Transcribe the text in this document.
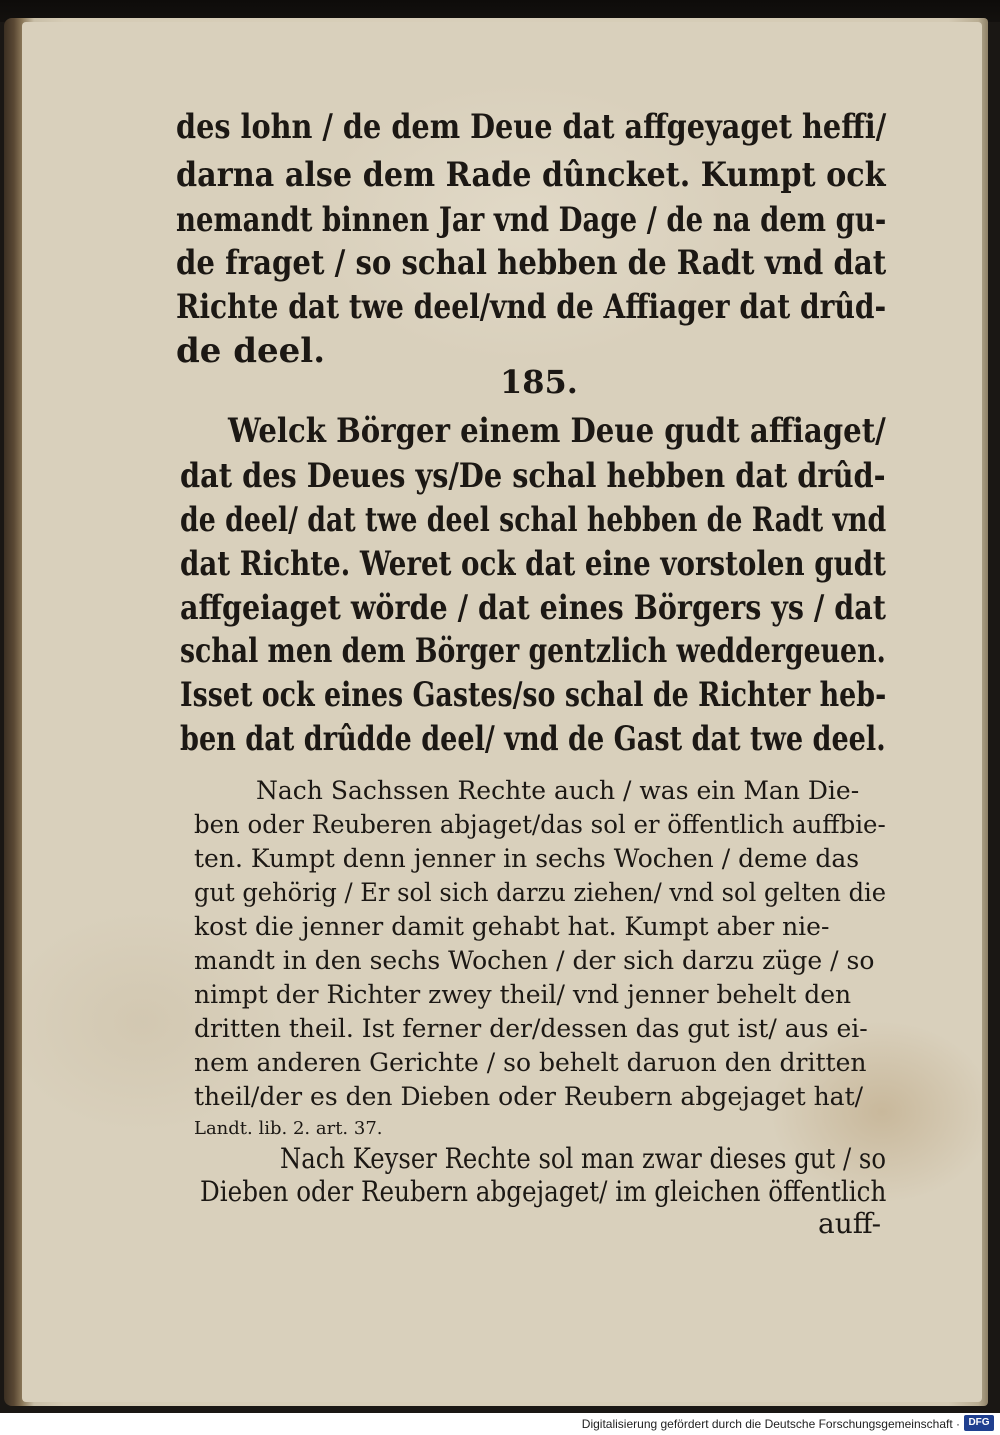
des lohn / de dem Deue dat affgeyaget heffi/
darna alse dem Rade dûncket. Kumpt ock
nemandt binnen Jar vnd Dage / de na dem gu-
de fraget / so schal hebben de Radt vnd dat
Richte dat twe deel/vnd de Affiager dat drûd-
de deel.
185.
Welck Börger einem Deue gudt affiaget/
dat des Deues ys/De schal hebben dat drûd-
de deel/ dat twe deel schal hebben de Radt vnd
dat Richte. Weret ock dat eine vorstolen gudt
affgeiaget wörde / dat eines Börgers ys / dat
schal men dem Börger gentzlich weddergeuen.
Isset ock eines Gastes/so schal de Richter heb-
ben dat drûdde deel/ vnd de Gast dat twe deel.
Nach Sachssen Rechte auch / was ein Man Die-
ben oder Reuberen abjaget/das sol er öffentlich auffbie-
ten. Kumpt denn jenner in sechs Wochen / deme das
gut gehörig / Er sol sich darzu ziehen/ vnd sol gelten die
kost die jenner damit gehabt hat. Kumpt aber nie-
mandt in den sechs Wochen / der sich darzu züge / so
nimpt der Richter zwey theil/ vnd jenner behelt den
dritten theil. Ist ferner der/dessen das gut ist/ aus ei-
nem anderen Gerichte / so behelt daruon den dritten
theil/der es den Dieben oder Reubern abgejaget hat/
Landt. lib. 2. art. 37.
Nach Keyser Rechte sol man zwar dieses gut / so
Dieben oder Reubern abgejaget/ im gleichen öffentlich
auff-
Digitalisierung gefördert durch die Deutsche Forschungsgemeinschaft · DFG
